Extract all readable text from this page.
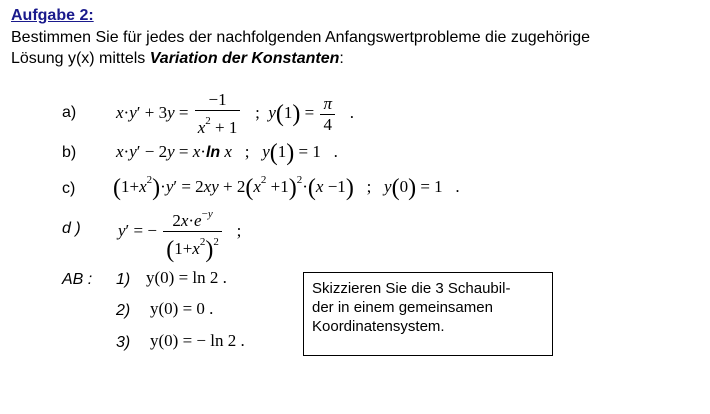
Aufgabe 2:
Bestimmen Sie für jedes der nachfolgenden Anfangswertprobleme die zugehörige
Lösung y(x) mittels Variation der Konstanten:
a) $x\cdot y' + 3y = \frac{-1}{x^2 + 1}$ ;  $y(1) = \frac{\pi}{4}$ .
b) x·y′ − 2y = x·ln x   ;   y(1) = 1   .
c) $(1+x^2)\cdot y' = 2xy + 2(x^2 +1)^2\cdot(x -1)$   ;   y(0) = 1   .
d ) y′ = − $\frac{2x\cdot e^{-y}}{(1+x^2)^2}$ ;
AB : 1) y(0) = ln 2 .
2) y(0) = 0 .
3) y(0) = − ln 2 .
Skizzieren Sie die 3 Schaubil-
der in einem gemeinsamen
Koordinatensystem.
